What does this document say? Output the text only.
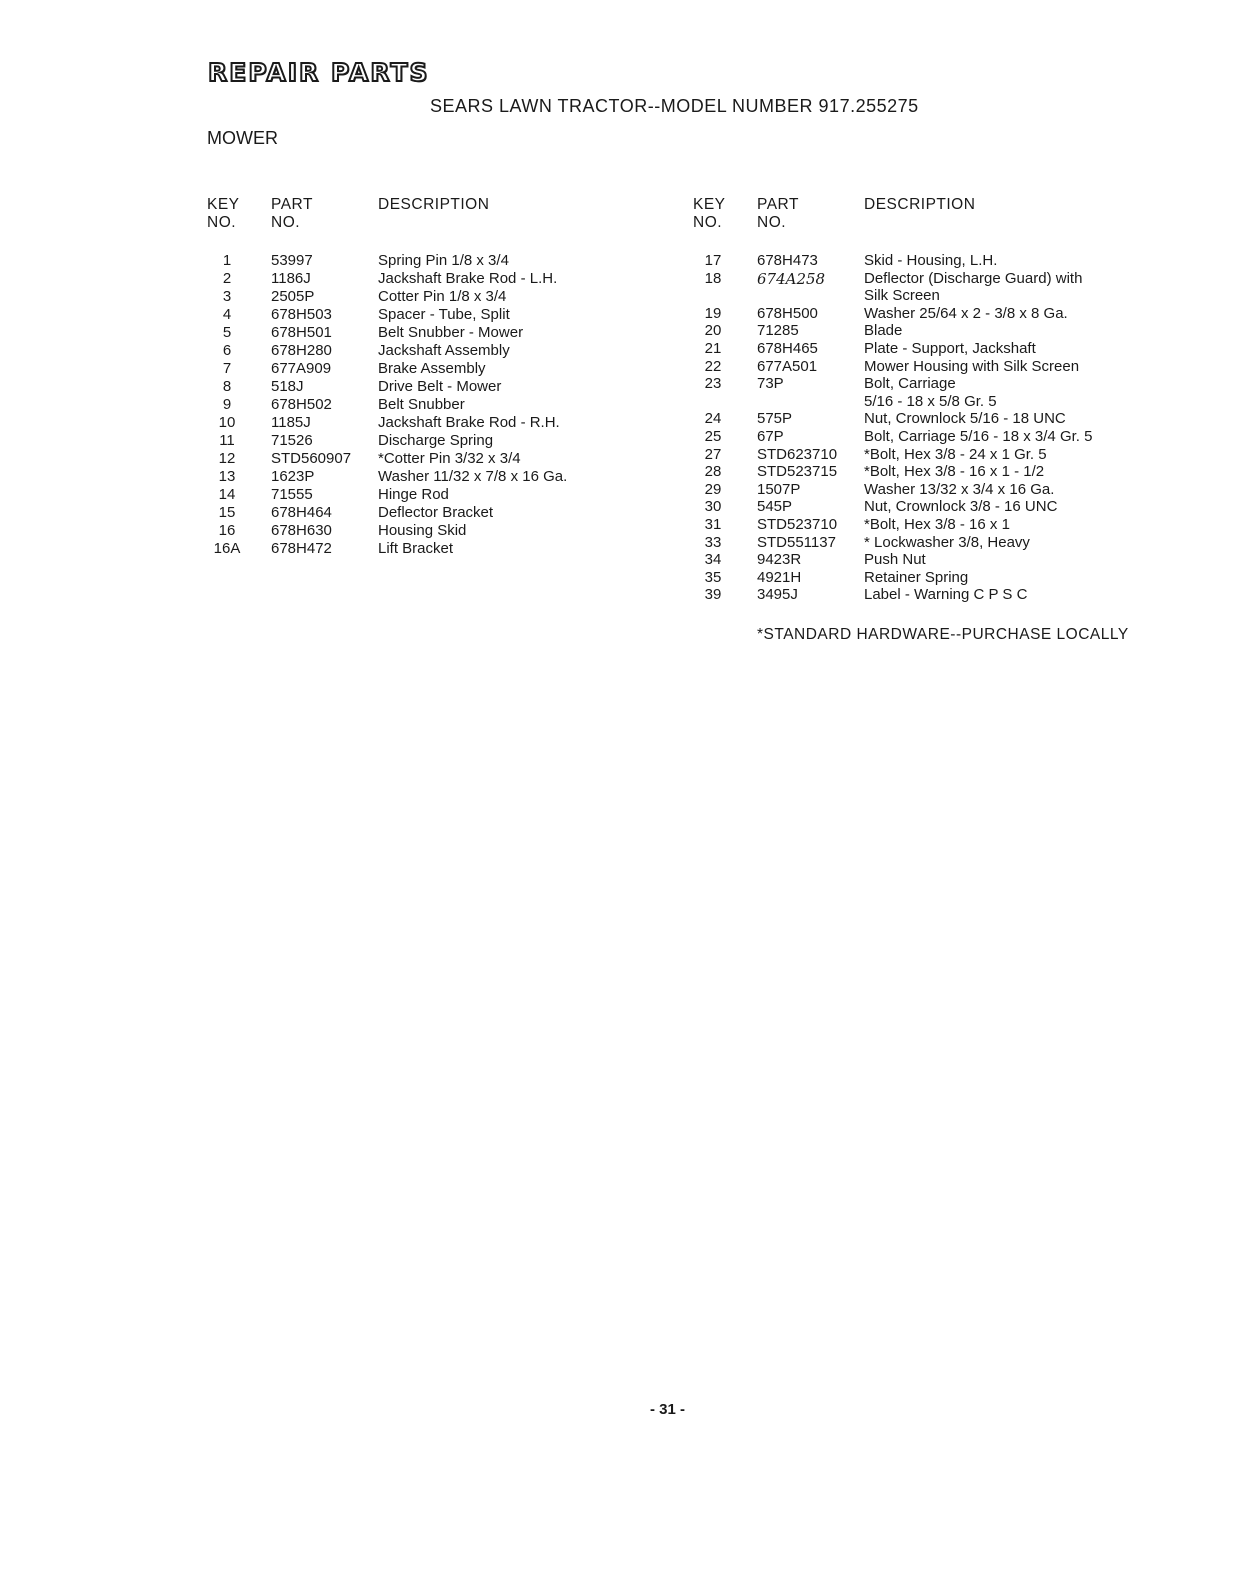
REPAIR PARTS
SEARS LAWN TRACTOR--MODEL NUMBER 917.255275
MOWER
KEY
NO.
PART
NO.
DESCRIPTION
1	53997	Spring Pin 1/8 x 3/4
2	1186J	Jackshaft Brake Rod - L.H.
3	2505P	Cotter Pin 1/8 x 3/4
4	678H503	Spacer - Tube, Split
5	678H501	Belt Snubber - Mower
6	678H280	Jackshaft Assembly
7	677A909	Brake Assembly
8	518J	Drive Belt - Mower
9	678H502	Belt Snubber
10	1185J	Jackshaft Brake Rod - R.H.
11	71526	Discharge Spring
12	STD560907 *Cotter Pin 3/32 x 3/4
13	1623P	Washer 11/32 x 7/8 x 16 Ga.
14	71555	Hinge Rod
15	678H464	Deflector Bracket
16	678H630	Housing Skid
16A	678H472	Lift Bracket
KEY
NO.
PART
NO.
DESCRIPTION
17	678H473	Skid - Housing, L.H.
18	674A258	Deflector (Discharge Guard) with
Silk Screen
19	678H500	Washer 25/64 x 2 - 3/8 x 8 Ga.
20	71285	Blade
21	678H465	Plate - Support, Jackshaft
22	677A501	Mower Housing with Silk Screen
23	73P	Bolt, Carriage
5/16 - 18 x 5/8 Gr. 5
24	575P	Nut, Crownlock 5/16 - 18 UNC
25	67P	Bolt, Carriage 5/16 - 18 x 3/4 Gr. 5
27	STD623710 *Bolt, Hex 3/8 - 24 x 1 Gr. 5
28	STD523715 *Bolt, Hex 3/8 - 16 x 1 - 1/2
29	1507P	Washer 13/32 x 3/4 x 16 Ga.
30	545P	Nut, Crownlock 3/8 - 16 UNC
31	STD523710 *Bolt, Hex 3/8 - 16 x 1
33	STD551137 * Lockwasher 3/8, Heavy
34	9423R	Push Nut
35	4921H	Retainer Spring
39	3495J	Label - Warning C P S C
*STANDARD HARDWARE--PURCHASE LOCALLY
- 31 -
